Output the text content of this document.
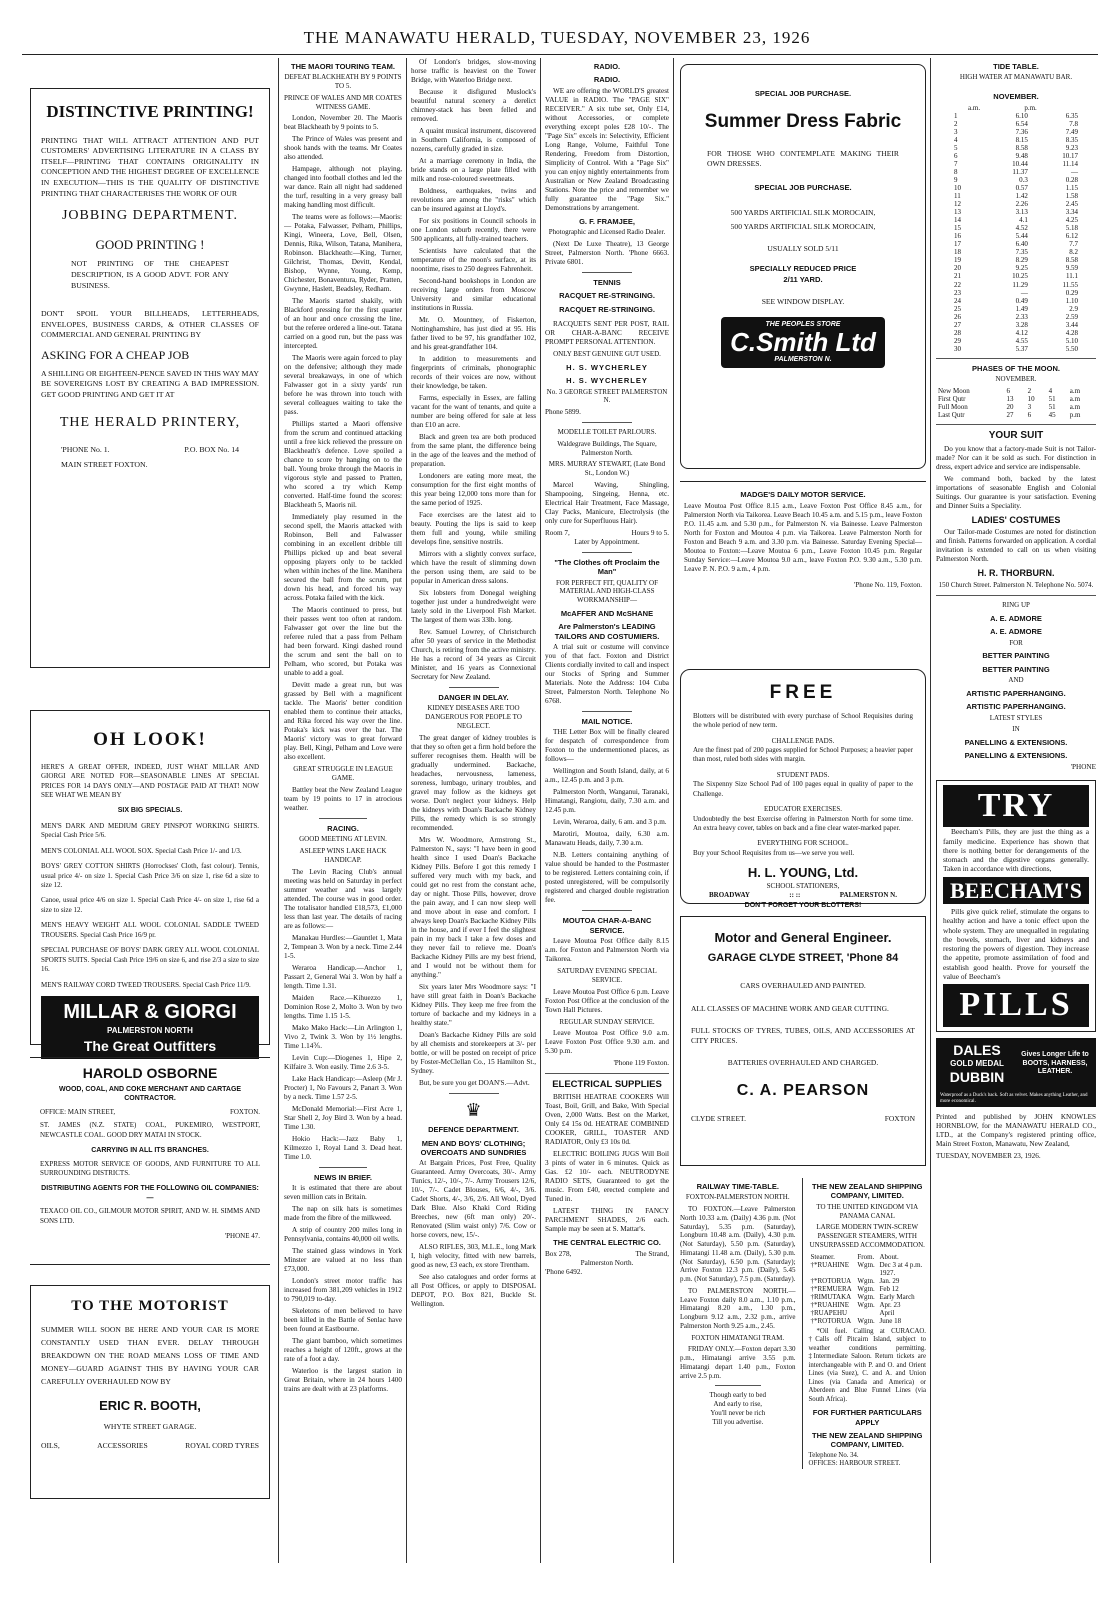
THE MANAWATU HERALD, TUESDAY, NOVEMBER 23, 1926
DISTINCTIVE PRINTING!

PRINTING THAT WILL ATTRACT ATTENTION AND PUT CUSTOMERS' ADVERTISING LITERATURE IN A CLASS BY ITSELF—PRINTING THAT CONTAINS ORIGINALITY IN CONCEPTION AND THE HIGHEST DEGREE OF EXCELLENCE IN EXECUTION—THIS IS THE QUALITY OF DISTINCTIVE PRINTING THAT CHARACTERISES THE WORK OF OUR

JOBBING DEPARTMENT.
GOOD PRINTING !

NOT PRINTING OF THE CHEAPEST DESCRIPTION, IS A GOOD ADVT. FOR ANY BUSINESS.

DON'T SPOIL YOUR BILLHEADS, LETTERHEADS, ENVELOPES, BUSINESS CARDS, & OTHER CLASSES OF COMMERCIAL AND GENERAL PRINTING BY

ASKING FOR A CHEAP JOB

A SHILLING OR EIGHTEEN-PENCE SAVED IN THIS WAY MAY BE SOVEREIGNS LOST BY CREATING A BAD IMPRESSION. GET GOOD PRINTING AND GET IT AT

THE HERALD PRINTERY,
'PHONE No. 1.	P.O. BOX No. 14
MAIN STREET FOXTON.
OH LOOK!

HERE'S A GREAT OFFER, INDEED, JUST WHAT MILLAR AND GIORGI ARE NOTED FOR—SEASONABLE LINES AT SPECIAL PRICES FOR 14 DAYS ONLY—AND POSTAGE PAID AT THAT! NOW SEE WHAT WE MEAN BY

SIX BIG SPECIALS.

MEN'S DARK AND MEDIUM GREY PINSPOT WORKING SHIRTS. Special Cash Price 5/6.

MEN'S COLONIAL ALL WOOL SOX. Special Cash Price 1/- and 1/3.

BOYS' GREY COTTON SHIRTS (Horrockses' Cloth, fast colour). Tennis, usual price 4/- on size 1. Special Cash Price 3/6 on size 1, rise 6d a size to size 12.

Canoe, usual price 4/6 on size 1. Special Cash Price 4/- on size 1, rise 6d a size to size 12.

MEN'S HEAVY WEIGHT ALL WOOL COLONIAL SADDLE TWEED TROUSERS. Special Cash Price 16/9 pr.

SPECIAL PURCHASE OF BOYS' DARK GREY ALL WOOL COLONIAL SPORTS SUITS. Special Cash Price 19/6 on size 6, and rise 2/3 a size to size 16.

MEN'S RAILWAY CORD TWEED TROUSERS. Special Cash Price 11/9.

MILLAR & GIORGI
PALMERSTON NORTH
The Great Outfitters
HAROLD OSBORNE
WOOD, COAL, AND COKE MERCHANT AND CARTAGE CONTRACTOR.
OFFICE: MAIN STREET,	FOXTON.

ST. JAMES (N.Z. STATE) COAL, PUKEMIRO, WESTPORT, NEWCASTLE COAL. GOOD DRY MATAI IN STOCK.

CARRYING IN ALL ITS BRANCHES.

EXPRESS MOTOR SERVICE OF GOODS, AND FURNITURE TO ALL SURROUNDING DISTRICTS.

DISTRIBUTING AGENTS FOR THE FOLLOWING OIL COMPANIES:—

TEXACO OIL CO., GILMOUR MOTOR SPIRIT, AND W. H. SIMMS AND SONS LTD.

'PHONE 47.
TO THE MOTORIST

SUMMER WILL SOON BE HERE AND YOUR CAR IS MORE CONSTANTLY USED THAN EVER. DELAY THROUGH BREAKDOWN ON THE ROAD MEANS LOSS OF TIME AND MONEY—GUARD AGAINST THIS BY HAVING YOUR CAR CAREFULLY OVERHAULED NOW BY

ERIC R. BOOTH,
WHYTE STREET GARAGE.
OILS,	ACCESSORIES	ROYAL CORD TYRES
THE MAORI TOURING TEAM.
DEFEAT BLACKHEATH BY 9 POINTS TO 5.
PRINCE OF WALES AND MR COATES WITNESS GAME.

London, November 20. The Maoris beat Blackheath by 9 points to 5.

The Prince of Wales was present and shook hands with the teams. Mr Coates also attended.

Hampage, although not playing, changed into football clothes and led the war dance. Rain all night had saddened the turf, resulting in a very greasy ball making handling most difficult.

The teams were as follows:—Maoris:— Potaka, Falwasser, Pelham, Phillips, Kingi, Wineera, Love, Bell, Olsen, Dennis, Rika, Wilson, Tatana, Manihera, Robinson. Blackheath:—King, Turner, Gilchrist, Thomas, Devitt, Kendal, Bishop, Wynne, Young, Kemp, Chichester, Bonaventura, Ryder, Pratten, Gwynne, Haslett, Beadsley, Redham.

The Maoris started shakily, with Blackford pressing for the first quarter of an hour and once crossing the line, but the referee ordered a line-out. Tatana carried on a good run, but the pass was intercepted.

The Maoris were again forced to play on the defensive; although they made several breakaways, in one of which Falwasser got in a sixty yards' run before he was thrown into touch with several colleagues waiting to take the pass.

Phillips started a Maori offensive from the scrum and continued attacking until a free kick relieved the pressure on Blackheath's defence. Love spoiled a chance to score by hanging on to the ball. Young broke through the Maoris in vigorous style and passed to Pratten, who scored a try which Kemp converted. Half-time found the scores: Blackheath 5, Maoris nil.

Immediately play resumed in the second spell, the Maoris attacked with Robinson, Bell and Falwasser combining in an excellent dribble till Phillips picked up and beat several opposing players only to be tackled when within inches of the line. Manihera secured the ball from the scrum, put down his head, and forced his way across. Potaka failed with the kick.

The Maoris continued to press, but their passes went too often at random. Falwasser got over the line but the referee ruled that a pass from Pelham had been forward. Kingi dashed round the scrum and sent the ball on to Pelham, who scored, but Potaka was unable to add a goal.

Devitt made a great run, but was grassed by Bell with a magnificent tackle. The Maoris' better condition enabled them to continue their attacks, and Rika forced his way over the line. Potaka's kick was over the bar. The Maoris' victory was to great forward play. Bell, Kingi, Pelham and Love were also excellent.

GREAT STRUGGLE IN LEAGUE GAME.

Battley beat the New Zealand League team by 19 points to 17 in atrocious weather.

RACING.
GOOD MEETING AT LEVIN.
ASLEEP WINS LAKE HACK HANDICAP.

The Levin Racing Club's annual meeting was held on Saturday in perfect summer weather and was largely attended. The course was in good order. The totalisator handled £18,573, £1,000 less than last year. The details of racing are as follows:—

Manakau Hurdles:—Gauntlet 1, Mata 2, Tempean 3. Won by a neck. Time 2.44 1-5.

Weraroa Handicap.—Anchor 1, Passart 2, General Wai 3. Won by half a length. Time 1.31.

Maiden Race.—Kihuezzo 1, Dominion Rose 2, Molto 3. Won by two lengths. Time 1.15 1-5.

Mako Mako Hack:—Lin Arlington 1, Vivo 2, Twink 3. Won by 1½ lengths. Time 1.14⅗.

Levin Cup:—Diogenes 1, Hipe 2, Kilfaire 3. Won easily. Time 2.6 3-5.

Lake Hack Handicap:—Asleep (Mr J. Procter) 1, No Favours 2, Panart 3. Won by a neck. Time 1.57 2-5.

McDonald Memorial:—First Acre 1, Star Shell 2, Joy Bird 3. Won by a head. Time 1.30.

Hokio Hack:—Jazz Baby 1, Kilmezzo 1, Royal Land 3. Dead heat. Time 1.0.

NEWS IN BRIEF.

It is estimated that there are about seven million cats in Britain.

The nap on silk hats is sometimes made from the fibre of the milkweed.

A strip of country 200 miles long in Pennsylvania, contains 40,000 oil wells.

The stained glass windows in York Minster are valued at no less than £73,000.

London's street motor traffic has increased from 381,209 vehicles in 1912 to 790,019 to-day.

Skeletons of men believed to have been killed in the Battle of Senlac have been found at Eastbourne.

The giant bamboo, which sometimes reaches a height of 120ft., grows at the rate of a foot a day.

Waterloo is the largest station in Great Britain, where in 24 hours 1400 trains are dealt with at 23 platforms.

Of London's bridges, slow-moving horse traffic is heaviest on the Tower Bridge, with Waterloo Bridge next.

Because it disfigured Muslock's beautiful natural scenery a derelict chimney-stack has been felled and removed.

A quaint musical instrument, discovered in Southern California, is composed of nozens, carefully graded in size.

At a marriage ceremony in India, the bride stands on a large plate filled with milk and rose-coloured sweetmeats.

Boldness, earthquakes, twins and revolutions are among the "risks" which can be insured against at Lloyd's.

For six positions in Council schools in one London suburb recently, there were 500 applicants, all fully-trained teachers.

Scientists have calculated that the temperature of the moon's surface, at its noontime, rises to 250 degrees Fahrenheit.

Second-hand bookshops in London are receiving large orders from Moscow University and similar educational institutions in Russia.

Mr. O. Mountney, of Fiskerton, Nottinghamshire, has just died at 95. His father lived to be 97, his grandfather 102, and his great-grandfather 104.

In addition to measurements and fingerprints of criminals, phonographic records of their voices are now, without their knowledge, be taken.

Farms, especially in Essex, are falling vacant for the want of tenants, and quite a number are being offered for sale at less than £10 an acre.

Black and green tea are both produced from the same plant, the difference being in the age of the leaves and the method of preparation.

Londoners are eating more meat, the consumption for the first eight months of this year being 12,000 tons more than for the same period of 1925.

Face exercises are the latest aid to beauty. Pouting the lips is said to keep them full and young, while smiling develops fine, sensitive nostrils.

Mirrors with a slightly convex surface, which have the result of slimming down the person using them, are said to be popular in American dress salons.

Six lobsters from Donegal weighing together just under a hundredweight were lately sold in the Liverpool Fish Market. The largest of them was 33lb. long.

Rev. Samuel Lowrey, of Christchurch after 50 years of service in the Methodist Church, is retiring from the active ministry. He has a record of 34 years as Circuit Minister, and 16 years as Connexional Secretary for New Zealand.

DANGER IN DELAY.
KIDNEY DISEASES ARE TOO DANGEROUS FOR PEOPLE TO NEGLECT.

The great danger of kidney troubles is that they so often get a firm hold before the sufferer recognises them. Health will be gradually undermined. Backache, headaches, nervousness, lameness, soreness, lumbago, urinary troubles, and gravel may follow as the kidneys get worse. Don't neglect your kidneys. Help the kidneys with Doan's Backache Kidney Pills, the remedy which is so strongly recommended.

Mrs W. Woodmore, Armstrong St., Palmerston N., says: "I have been in good health since I used Doan's Backache Kidney Pills. Before I got this remedy I suffered very much with my back, and could get no rest from the constant ache, day or night. Those Pills, however, drove the pain away, and I can now sleep well and move about in ease and comfort. I always keep Doan's Backache Kidney Pills in the house, and if ever I feel the slightest pain in my back I take a few doses and they never fail to relieve me. Doan's Backache Kidney Pills are my best friend, and I would not be without them for anything."

Six years later Mrs Woodmore says: "I have still great faith in Doan's Backache Kidney Pills. They keep me free from the torture of backache and my kidneys in a healthy state."

Doan's Backache Kidney Pills are sold by all chemists and storekeepers at 3/- per bottle, or will be posted on receipt of price by Foster-McClellan Co., 15 Hamilton St., Sydney.

But, be sure you get DOAN'S.—Advt.

♛
DEFENCE DEPARTMENT.
MEN AND BOYS' CLOTHING; OVERCOATS AND SUNDRIES

At Bargain Prices, Post Free, Quality Guaranteed. Army Overcoats, 30/-. Army Tunics, 12/-, 10/-, 7/-. Army Trousers 12/6, 10/-, 7/-. Cadet Blouses, 6/6, 4/-, 3/6. Cadet Shorts, 4/-, 3/6, 2/6. All Wool, Dyed Dark Blue. Also Khaki Cord Riding Breeches, new (6ft man only) 20/-. Renovated (Slim waist only) 7/6. Cow or horse covers, new, 15/-.

ALSO RIFLES, 303, M.L.E., long Mark I, high velocity, fitted with new barrels, good as new, £3 each, ex store Trentham.

See also catalogues and order forms at all Post Offices, or apply to DISPOSAL DEPOT, P.O. Box 821, Buckle St. Wellington.

RADIO.
RADIO.

WE are offering the WORLD'S greatest VALUE in RADIO. The "PAGE SIX" RECEIVER." A six tube set, Only £14, without Accessories, or complete everything except poles £28 10/-. The "Page Six" excels in: Selectivity, Efficient Long Range, Volume, Faithful Tone Rendering, Freedom from Distortion, Simplicity of Control. With a "Page Six" you can enjoy nightly entertainments from Australian or New Zealand Broadcasting Stations. Note the price and remember we fully guarantee the "Page Six." Demonstrations by arrangement.

G. F. FRAMJEE,
Photographic and Licensed Radio Dealer.

(Next De Luxe Theatre), 13 George Street, Palmerston North. 'Phone 6663. Private 6801.

TENNIS
RACQUET RE-STRINGING.
RACQUET RE-STRINGING.

RACQUETS SENT PER POST, RAIL OR CHAR-A-BANC RECEIVE PROMPT PERSONAL ATTENTION.

ONLY BEST GENUINE GUT USED.
H. S. WYCHERLEY
H. S. WYCHERLEY
No. 3 GEORGE STREET PALMERSTON N.
Phone 5899.
MODELLE TOILET PARLOURS.
Waldegrave Buildings, The Square, Palmerston North.
MRS. MURRAY STEWART, (Late Bond St., London W.)

Marcel Waving, Shingling, Shampooing, Singeing, Henna, etc. Electrical Hair Treatment, Face Massage, Clay Packs, Manicure, Electrolysis (the only cure for Superfluous Hair).

Room 7,	Hours 9 to 5.
Later by Appointment.
"The Clothes oft Proclaim the Man"
FOR PERFECT FIT, QUALITY OF MATERIAL AND HIGH-CLASS WORKMANSHIP—
McAFFER AND McSHANE
Are Palmerston's LEADING TAILORS AND COSTUMIERS.

A trial suit or costume will convince you of that fact. Foxton and District Clients cordially invited to call and inspect our Stocks of Spring and Summer Materials. Note the Address: 104 Cuba Street, Palmerston North. Telephone No 6768.

MAIL NOTICE.

THE Letter Box will be finally cleared for despatch of correspondence from Foxton to the undermentioned places, as follows—

Wellington and South Island, daily, at 6 a.m., 12.45 p.m. and 3 p.m.

Palmerston North, Wanganui, Taranaki, Himatangi, Rangiotu, daily, 7.30 a.m. and 12.45 p.m.

Levin, Weraroa, daily, 6 am. and 3 p.m.

Marotiri, Moutoa, daily, 6.30 a.m. Manawatu Heads, daily, 7.30 a.m.

N.B. Letters containing anything of value should be handed to the Postmaster to be registered. Letters containing coin, if posted unregistered, will be compulsorily registered and charged double registration fee.

MOUTOA CHAR-A-BANC SERVICE.

Leave Moutoa Post Office daily 8.15 a.m. for Foxton and Palmerston North via Taikorea.

SATURDAY EVENING SPECIAL SERVICE.

Leave Moutoa Post Office 6 p.m. Leave Foxton Post Office at the conclusion of the Town Hall Pictures.

REGULAR SUNDAY SERVICE.

Leave Moutoa Post Office 9.0 a.m. Leave Foxton Post Office 9.30 a.m. and 5.30 p.m.

'Phone 119 Foxton.
ELECTRICAL SUPPLIES

BRITISH HEATRAE COOKERS Will Toast, Boil, Grill, and Bake, With Special Oven, 2,000 Watts. Best on the Market, Only £4 15s 0d. HEATRAE COMBINED COOKER, GRILL, TOASTER AND RADIATOR, Only £3 10s 0d.

ELECTRIC BOILING JUGS Will Boil 3 pints of water in 6 minutes. Quick as Gas. £2 10/- each. NEUTRODYNE RADIO SETS, Guaranteed to get the music. From £40, erected complete and Tuned in.

LATEST THING IN FANCY PARCHMENT SHADES, 2/6 each. Sample may be seen at S. Mattar's.

THE CENTRAL ELECTRIC CO.
Box 278,	The Strand,
Palmerston North.
'Phone 6492.
SPECIAL JOB PURCHASE.
Summer Dress Fabric

FOR THOSE WHO CONTEMPLATE MAKING THEIR OWN DRESSES.

SPECIAL JOB PURCHASE.
500 YARDS ARTIFICIAL SILK MOROCAIN,
500 YARDS ARTIFICIAL SILK MOROCAIN,
USUALLY SOLD 5/11
SPECIALLY REDUCED PRICE
2/11 YARD.
SEE WINDOW DISPLAY.
THE PEOPLES STORE
C.Smith Ltd
PALMERSTON N.
MADGE'S DAILY MOTOR SERVICE.

Leave Moutoa Post Office 8.15 a.m., Leave Foxton Post Office 8.45 a.m., for Palmerston North via Taikorea. Leave Beach 10.45 a.m. and 5.15 p.m., leave Foxton P.O. 11.45 a.m. and 5.30 p.m., for Palmerston N. via Bainesse. Leave Palmerston North for Foxton and Moutoa 4 p.m. via Taikorea. Leave Palmerston North for Foxton and Beach 9 a.m. and 3.30 p.m. via Bainesse. Saturday Evening Special—Moutoa to Foxton:—Leave Moutoa 6 p.m., Leave Foxton 10.45 p.m. Regular Sunday Service:—Leave Moutoa 9.0 a.m., leave Foxton P.O. 9.30 a.m., 5.30 p.m. Leave P. N. P.O. 9 a.m., 4 p.m.

'Phone No. 119, Foxton.
FREE

Blotters will be distributed with every purchase of School Requisites during the whole period of new term.

CHALLENGE PADS.

Are the finest pad of 200 pages supplied for School Purposes; a heavier paper than most, ruled both sides with margin.

STUDENT PADS.

The Sixpenny Size School Pad of 100 pages equal in quality of paper to the Challenge.

EDUCATOR EXERCISES.

Undoubtedly the best Exercise offering in Palmerston North for some time. An extra heavy cover, tables on back and a fine clear water-marked paper.

EVERYTHING FOR SCHOOL.

Buy your School Requisites from us—we serve you well.

H. L. YOUNG, Ltd.
SCHOOL STATIONERS,
BROADWAY	:: ::	PALMERSTON N.
DON'T FORGET YOUR BLOTTERS!
Motor and General Engineer.
GARAGE CLYDE STREET, 'Phone 84
CARS OVERHAULED AND PAINTED.

ALL CLASSES OF MACHINE WORK AND GEAR CUTTING.

FULL STOCKS OF TYRES, TUBES, OILS, AND ACCESSORIES AT CITY PRICES.

BATTERIES OVERHAULED AND CHARGED.
C. A. PEARSON
CLYDE STREET.	FOXTON
RAILWAY TIME-TABLE.
FOXTON-PALMERSTON NORTH.

TO FOXTON.—Leave Palmerston North 10.33 a.m. (Daily) 4.36 p.m. (Not Saturday), 5.35 p.m. (Saturday), Longburn 10.48 a.m. (Daily), 4.30 p.m. (Not Saturday), 5.50 p.m. (Saturday), Himatangi 11.48 a.m. (Daily), 5.30 p.m. (Not Saturday), 6.50 p.m. (Saturday); Arrive Foxton 12.3 p.m. (Daily), 5.45 p.m. (Not Saturday), 7.5 p.m. (Saturday).

TO PALMERSTON NORTH.—Leave Foxton daily 8.0 a.m., 1.10 p.m., Himatangi 8.20 a.m., 1.30 p.m., Longburn 9.12 a.m., 2.32 p.m., arrive Palmerston North 9.25 a.m., 2.45.

FOXTON HIMATANGI TRAM.

FRIDAY ONLY.—Foxton depart 3.30 p.m., Himatangi arrive 3.55 p.m. Himatangi depart 1.40 p.m., Foxton arrive 2.5 p.m.

Though early to bed
And early to rise,
You'll never be rich
Till you advertise.
THE NEW ZEALAND SHIPPING COMPANY, LIMITED.
TO THE UNITED KINGDOM VIA PANAMA CANAL
LARGE MODERN TWIN-SCREW PASSENGER STEAMERS, WITH UNSURPASSED ACCOMMODATION.
Steamer.	From.	About.
†*RUAHINE	Wgtn.	Dec 3 at 4 p.m.
		1927.
†*ROTORUA	Wgtn.	Jan. 29
†*REMUERA	Wgtn.	Feb 12
†RIMUTAKA	Wgtn.	Early March
†*RUAHINE	Wgtn.	Apr. 23
†RUAPEHU		April
†*ROTORUA	Wgtn.	June 18

*Oil fuel. Calling at CURACAO. †Calls off Pitcairn Island, subject to weather conditions permitting. ‡Intermediate Saloon. Return tickets are interchangeable with P. and O. and Orient Lines (via Suez), C. and A. and Union Lines (via Canada and America) or Aberdeen and Blue Funnel Lines (via South Africa).

FOR FURTHER PARTICULARS APPLY
THE NEW ZEALAND SHIPPING COMPANY, LIMITED.
Telephone No. 34.
OFFICES: HARBOUR STREET.
TIDE TABLE.
HIGH WATER AT MANAWATU BAR.
NOVEMBER.
	a.m.	p.m.
1	6.10	6.35
2	6.54	7.8
3	7.36	7.49
4	8.15	8.35
5	8.58	9.23
6	9.48	10.17
7	10.44	11.14
8	11.37	—
9	0.3	0.28
10	0.57	1.15
11	1.42	1.58
12	2.26	2.45
13	3.13	3.34
14	4.1	4.25
15	4.52	5.18
16	5.44	6.12
17	6.40	7.7
18	7.35	8.2
19	8.29	8.58
20	9.25	9.59
21	10.25	11.1
22	11.29	11.55
23	—	0.29
24	0.49	1.10
25	1.49	2.9
26	2.33	2.59
27	3.28	3.44
28	4.12	4.28
29	4.55	5.10
30	5.37	5.50
PHASES OF THE MOON.
NOVEMBER.
New Moon	6	2	4	a.m
First Qutr	13	10	51	a.m
Full Moon	20	3	51	a.m
Last Qutr	27	6	45	p.m
YOUR SUIT

Do you know that a factory-made Suit is not Tailor-made? Nor can it be sold as such. For distinction in dress, expert advice and service are indispensable.

We command both, backed by the latest importations of seasonable English and Colonial Suitings. Our guarantee is your satisfaction. Evening and Dinner Suits a Speciality.

LADIES' COSTUMES

Our Tailor-made Costumes are noted for distinction and finish. Patterns forwarded on application. A cordial invitation is extended to call on us when visiting Palmerston North.

H. R. THORBURN.
150 Church Street. Palmerston N. Telephone No. 5074.
RING UP
A. E. ADMORE
A. E. ADMORE
FOR
BETTER PAINTING
BETTER PAINTING
AND
ARTISTIC PAPERHANGING.
ARTISTIC PAPERHANGING.
LATEST STYLES
IN
PANELLING & EXTENSIONS.
PANELLING & EXTENSIONS.
'PHONE
TRY

Beecham's Pills, they are just the thing as a family medicine. Experience has shown that there is nothing better for derangements of the stomach and the digestive organs generally. Taken in accordance with directions,

BEECHAM'S

Pills give quick relief, stimulate the organs to healthy action and have a tonic effect upon the whole system. They are unequalled in regulating the bowels, stomach, liver and kidneys and restoring the powers of digestion. They increase the appetite, promote assimilation of food and establish good health. Prove for yourself the value of Beecham's

PILLS
DALES
GOLD MEDAL
DUBBIN
Gives Longer Life to BOOTS, HARNESS, LEATHER.
Waterproof as a Duck's back. Soft as velvet. Makes anything Leather, and more economical.

Printed and published by JOHN KNOWLES HORNBLOW, for the MANAWATU HERALD CO., LTD., at the Company's registered printing office, Main Street Foxton, Manawatu, New Zealand,

TUESDAY, NOVEMBER 23, 1926.
